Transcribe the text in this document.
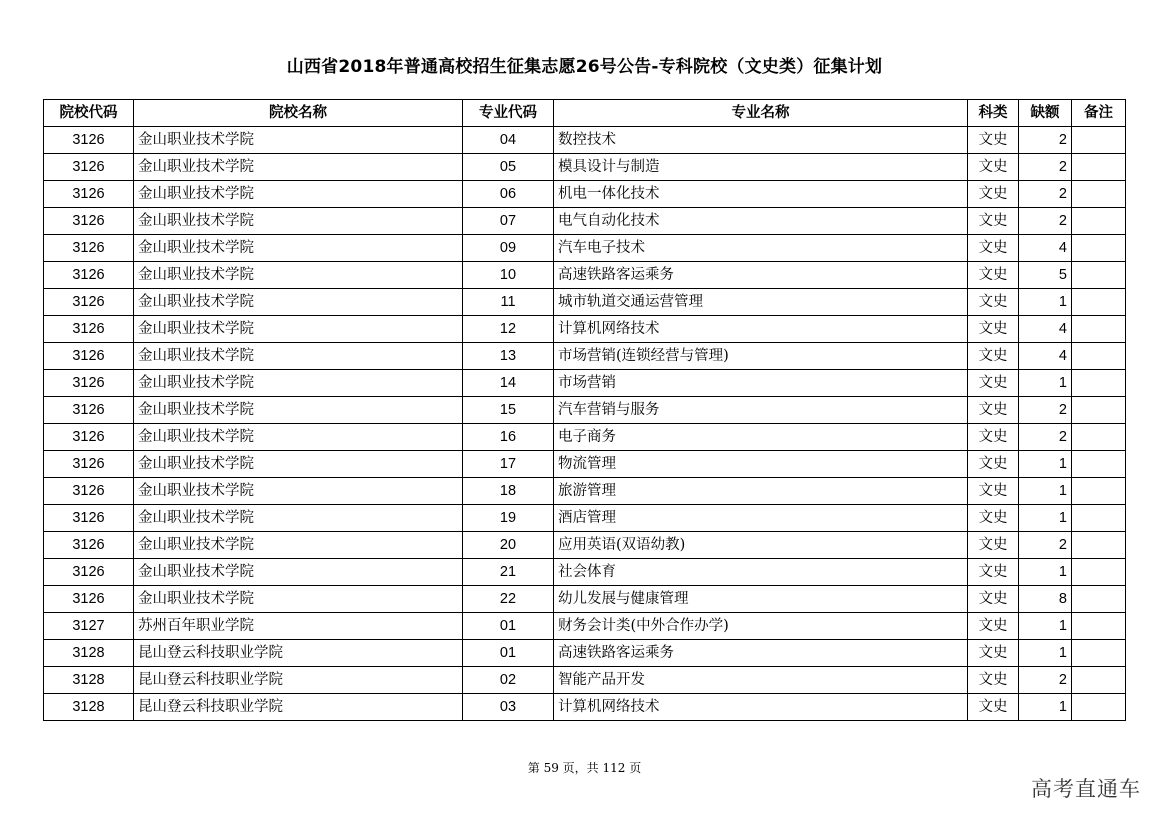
山西省2018年普通高校招生征集志愿26号公告-专科院校（文史类）征集计划
院校代码	院校名称	专业代码	专业名称	科类	缺额	备注
3126	金山职业技术学院	04	数控技术	文史	2	
3126	金山职业技术学院	05	模具设计与制造	文史	2	
3126	金山职业技术学院	06	机电一体化技术	文史	2	
3126	金山职业技术学院	07	电气自动化技术	文史	2	
3126	金山职业技术学院	09	汽车电子技术	文史	4	
3126	金山职业技术学院	10	高速铁路客运乘务	文史	5	
3126	金山职业技术学院	11	城市轨道交通运营管理	文史	1	
3126	金山职业技术学院	12	计算机网络技术	文史	4	
3126	金山职业技术学院	13	市场营销(连锁经营与管理)	文史	4	
3126	金山职业技术学院	14	市场营销	文史	1	
3126	金山职业技术学院	15	汽车营销与服务	文史	2	
3126	金山职业技术学院	16	电子商务	文史	2	
3126	金山职业技术学院	17	物流管理	文史	1	
3126	金山职业技术学院	18	旅游管理	文史	1	
3126	金山职业技术学院	19	酒店管理	文史	1	
3126	金山职业技术学院	20	应用英语(双语幼教)	文史	2	
3126	金山职业技术学院	21	社会体育	文史	1	
3126	金山职业技术学院	22	幼儿发展与健康管理	文史	8	
3127	苏州百年职业学院	01	财务会计类(中外合作办学)	文史	1	
3128	昆山登云科技职业学院	01	高速铁路客运乘务	文史	1	
3128	昆山登云科技职业学院	02	智能产品开发	文史	2	
3128	昆山登云科技职业学院	03	计算机网络技术	文史	1	
第 59 页，共 112 页
高考直通车
